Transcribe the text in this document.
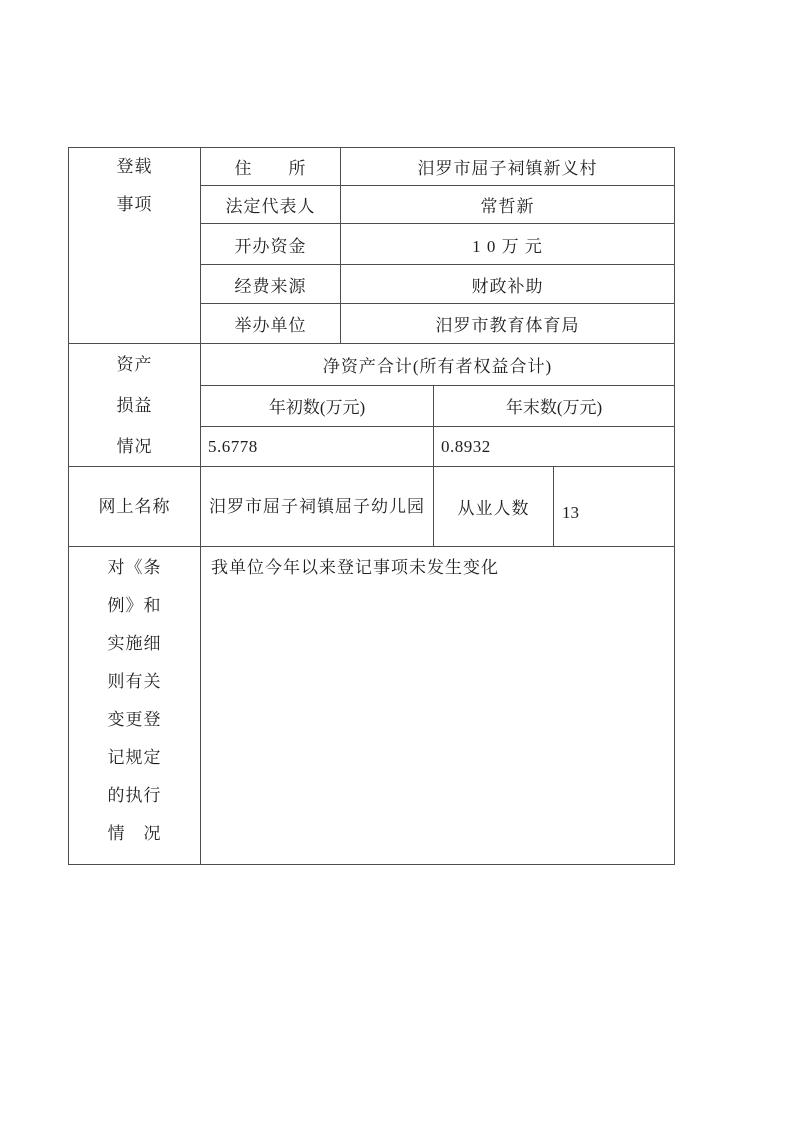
登载
事项
住　　所	汨罗市屈子祠镇新义村
法定代表人	常哲新
开办资金	1 0 万 元
经费来源	财政补助
举办单位	汨罗市教育体育局
资产
损益
情况
净资产合计(所有者权益合计)
年初数(万元)	年末数(万元)
5.6778	0.8932
网上名称	汨罗市屈子祠镇屈子幼儿园	从业人数	13
对《条
例》和
实施细
则有关
变更登
记规定
的执行
情　况
我单位今年以来登记事项未发生变化
